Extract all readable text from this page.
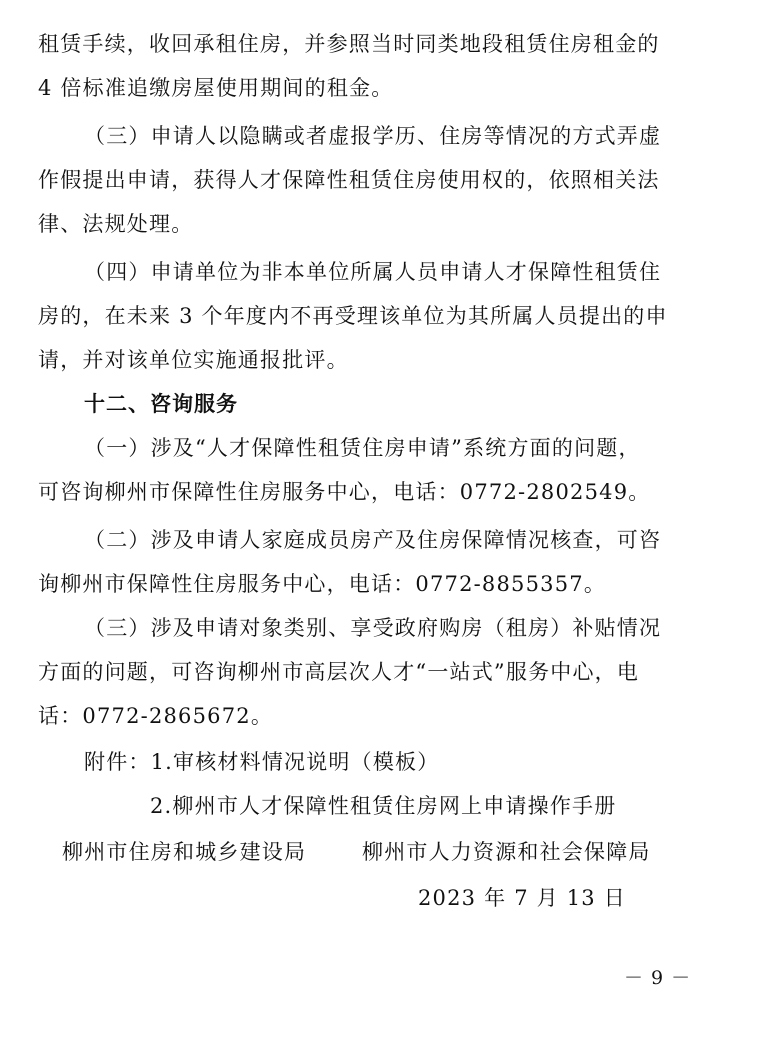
租赁手续，收回承租住房，并参照当时同类地段租赁住房租金的
4 倍标准追缴房屋使用期间的租金。
（三）申请人以隐瞒或者虚报学历、住房等情况的方式弄虚
作假提出申请，获得人才保障性租赁住房使用权的，依照相关法
律、法规处理。
（四）申请单位为非本单位所属人员申请人才保障性租赁住
房的，在未来 3 个年度内不再受理该单位为其所属人员提出的申
请，并对该单位实施通报批评。
十二、咨询服务
（一）涉及“人才保障性租赁住房申请”系统方面的问题，
可咨询柳州市保障性住房服务中心，电话：0772-2802549。
（二）涉及申请人家庭成员房产及住房保障情况核查，可咨
询柳州市保障性住房服务中心，电话：0772-8855357。
（三）涉及申请对象类别、享受政府购房（租房）补贴情况
方面的问题，可咨询柳州市高层次人才“一站式”服务中心，电
话：0772-2865672。
附件：1.审核材料情况说明（模板）
2.柳州市人才保障性租赁住房网上申请操作手册
柳州市住房和城乡建设局	柳州市人力资源和社会保障局
2023 年 7 月 13 日
－ 9 －
